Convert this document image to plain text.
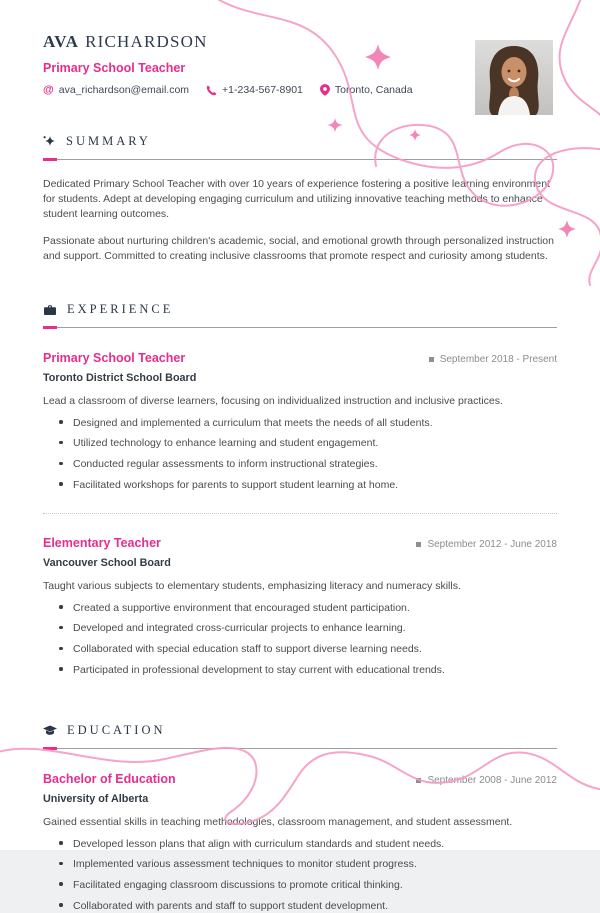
AVA RICHARDSON
Primary School Teacher
@ ava_richardson@email.com	+1-234-567-8901	Toronto, Canada
SUMMARY

Dedicated Primary School Teacher with over 10 years of experience fostering a positive learning environment for students. Adept at developing engaging curriculum and utilizing innovative teaching methods to enhance student learning outcomes.

Passionate about nurturing children's academic, social, and emotional growth through personalized instruction and support. Committed to creating inclusive classrooms that promote respect and curiosity among students.

EXPERIENCE
Primary School Teacher	September 2018 - Present
Toronto District School Board
Lead a classroom of diverse learners, focusing on individualized instruction and inclusive practices.
Designed and implemented a curriculum that meets the needs of all students.
Utilized technology to enhance learning and student engagement.
Conducted regular assessments to inform instructional strategies.
Facilitated workshops for parents to support student learning at home.
Elementary Teacher	September 2012 - June 2018
Vancouver School Board
Taught various subjects to elementary students, emphasizing literacy and numeracy skills.
Created a supportive environment that encouraged student participation.
Developed and integrated cross-curricular projects to enhance learning.
Collaborated with special education staff to support diverse learning needs.
Participated in professional development to stay current with educational trends.
EDUCATION
Bachelor of Education	September 2008 - June 2012
University of Alberta
Gained essential skills in teaching methodologies, classroom management, and student assessment.
Developed lesson plans that align with curriculum standards and student needs.
Implemented various assessment techniques to monitor student progress.
Facilitated engaging classroom discussions to promote critical thinking.
Collaborated with parents and staff to support student development.
